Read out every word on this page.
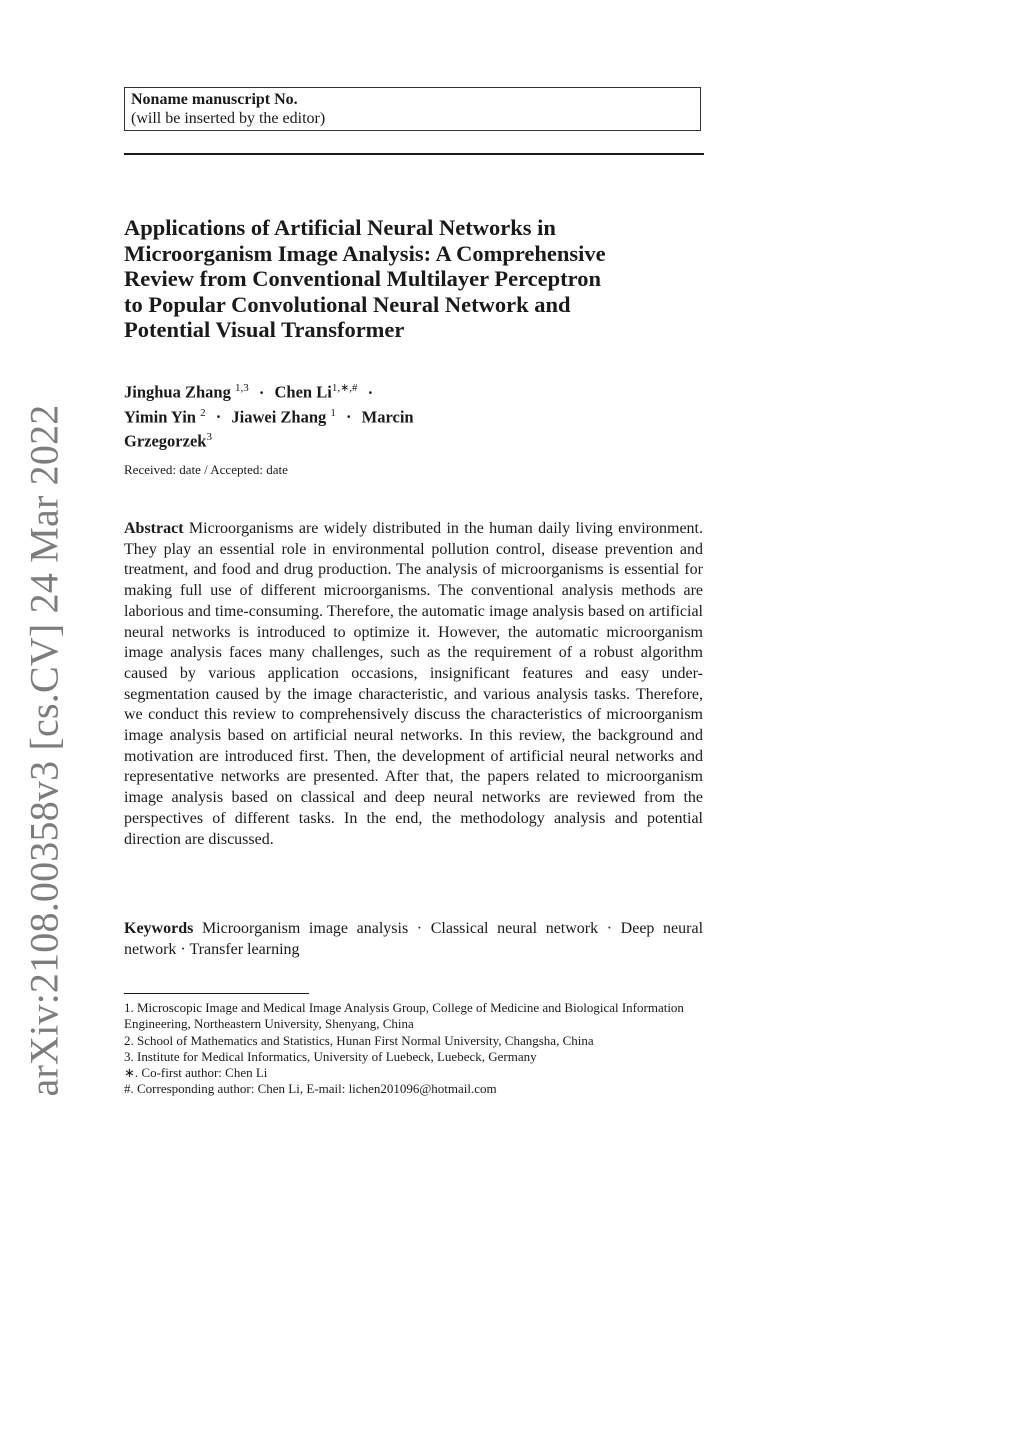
arXiv:2108.00358v3 [cs.CV] 24 Mar 2022
Noname manuscript No.
(will be inserted by the editor)
Applications of Artificial Neural Networks in
Microorganism Image Analysis: A Comprehensive
Review from Conventional Multilayer Perceptron
to Popular Convolutional Neural Network and
Potential Visual Transformer
Jinghua Zhang $^{1,3}$ · Chen $Li^{1,∗,\#}$ ·
Yimin Yin $^2$ · Jiawei Zhang $^1$ · Marcin
Grzegorzek$^3$
Received: date / Accepted: date

Abstract Microorganisms are widely distributed in the human daily living environment. They play an essential role in environmental pollution control, disease prevention and treatment, and food and drug production. The analysis of microorganisms is essential for making full use of different microorganisms. The conventional analysis methods are laborious and time-consuming. Therefore, the automatic image analysis based on artificial neural networks is introduced to optimize it. However, the automatic microorganism image analysis faces many challenges, such as the requirement of a robust algorithm caused by various application occasions, insignificant features and easy under-segmentation caused by the image characteristic, and various analysis tasks. Therefore, we conduct this review to comprehensively discuss the characteristics of microorganism image analysis based on artificial neural networks. In this review, the background and motivation are introduced first. Then, the development of artificial neural networks and representative networks are presented. After that, the papers related to microorganism image analysis based on classical and deep neural networks are reviewed from the perspectives of different tasks. In the end, the methodology analysis and potential direction are discussed.

Keywords Microorganism image analysis · Classical neural network · Deep neural network · Transfer learning

1. Microscopic Image and Medical Image Analysis Group, College of Medicine and Biological Information Engineering, Northeastern University, Shenyang, China
2. School of Mathematics and Statistics, Hunan First Normal University, Changsha, China
3. Institute for Medical Informatics, University of Luebeck, Luebeck, Germany
∗. Co-first author: Chen Li
#. Corresponding author: Chen Li, E-mail: lichen201096@hotmail.com
